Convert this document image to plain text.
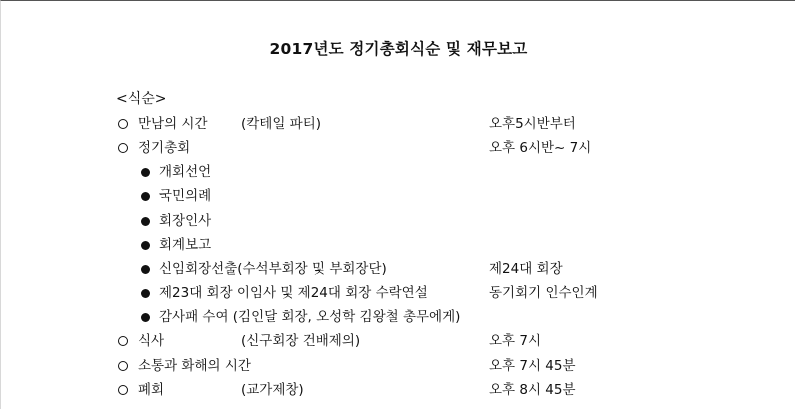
2017년도 정기총회식순 및 재무보고
<식순>
만남의 시간 (칵테일 파티)	오후5시반부터
정기총회	오후 6시반~ 7시
개회선언
국민의례
회장인사
회계보고
신임회장선출(수석부회장 및 부회장단)	제24대 회장
제23대 회장 이임사 및 제24대 회장 수락연설	동기회기 인수인계
감사패 수여 (김인달 회장, 오성학 김왕철 총무에게)
식사	(신구회장 건배제의)	오후 7시
소통과 화해의 시간	오후 7시 45분
폐회	(교가제창)	오후 8시 45분
